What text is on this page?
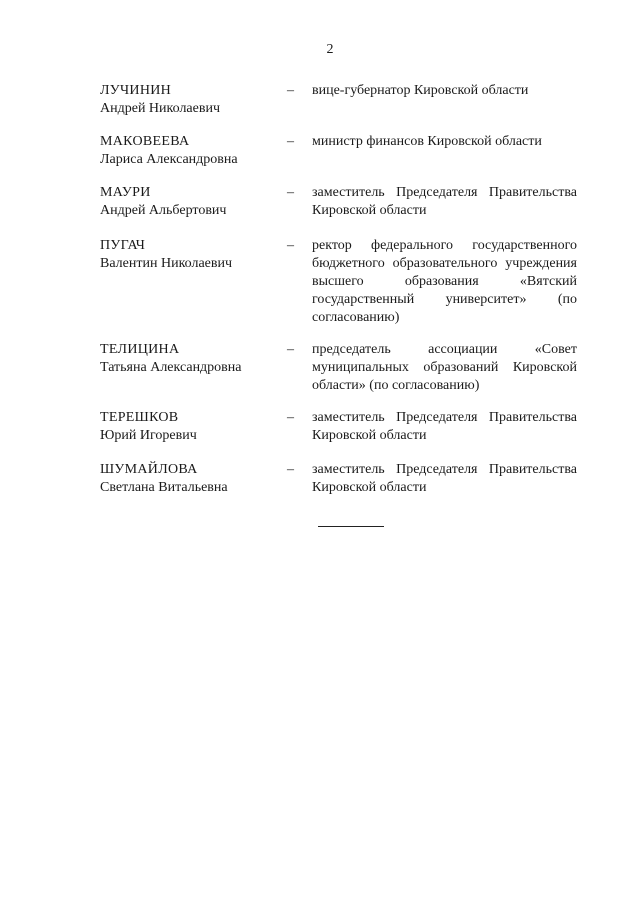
2
ЛУЧИНИН
Андрей Николаевич
– вице-губернатор Кировской области
МАКОВЕЕВА
Лариса Александровна
– министр финансов Кировской области
МАУРИ
Андрей Альбертович
– заместитель Председателя Правительства Кировской области
ПУГАЧ
Валентин Николаевич
– ректор федерального государственного бюджетного образовательного учреждения высшего образования «Вятский государственный университет» (по согласованию)
ТЕЛИЦИНА
Татьяна Александровна
– председатель ассоциации «Совет муниципальных образований Кировской области» (по согласованию)
ТЕРЕШКОВ
Юрий Игоревич
– заместитель Председателя Правительства Кировской области
ШУМАЙЛОВА
Светлана Витальевна
– заместитель Председателя Правительства Кировской области
